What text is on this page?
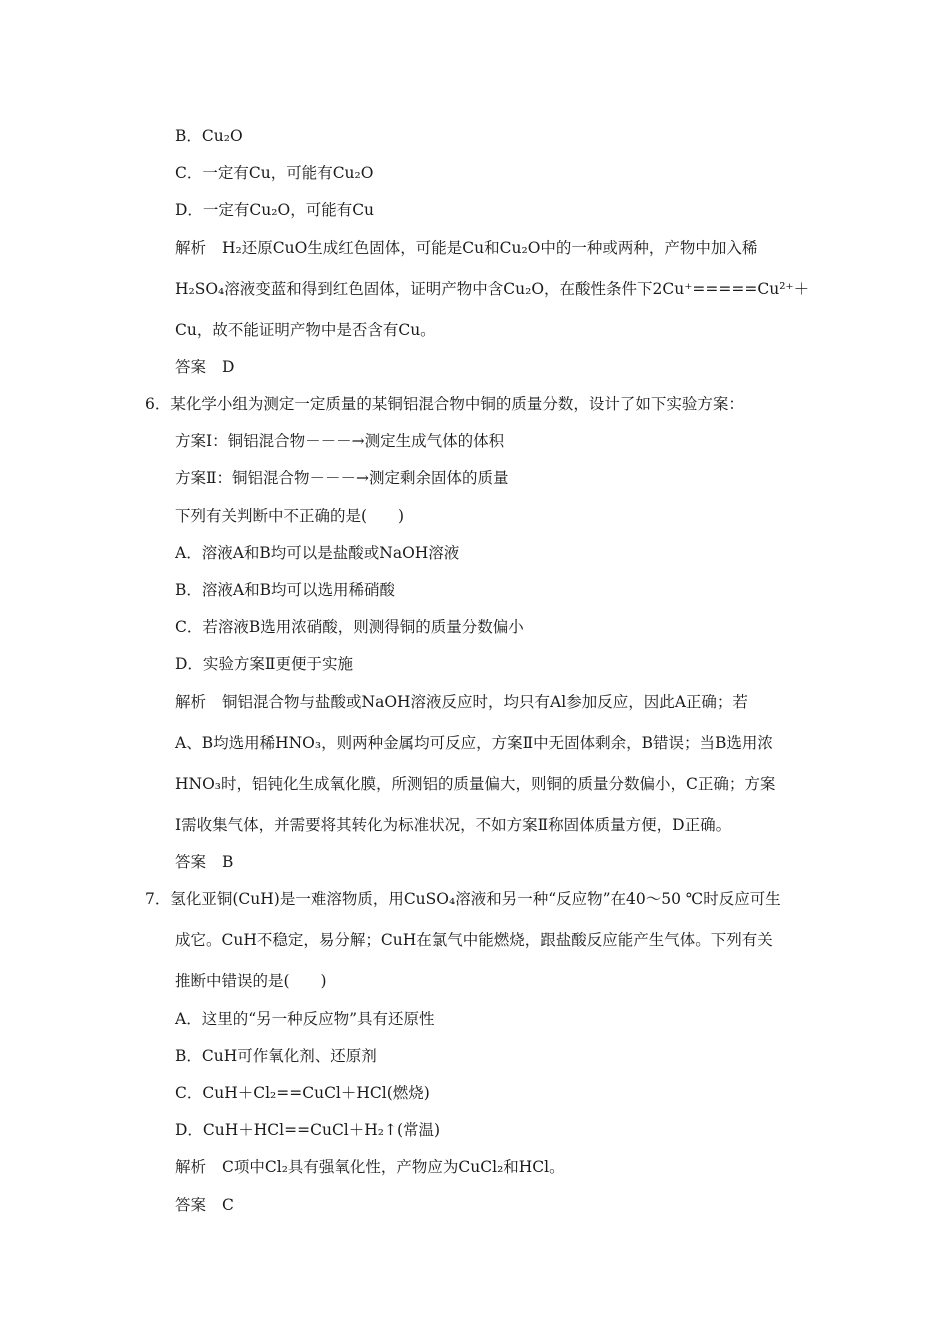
B．Cu₂O
C．一定有Cu，可能有Cu₂O
D．一定有Cu₂O，可能有Cu
解析 H₂还原CuO生成红色固体，可能是Cu和Cu₂O中的一种或两种，产物中加入稀
H₂SO₄溶液变蓝和得到红色固体，证明产物中含Cu₂O，在酸性条件下2Cu⁺=====Cu²⁺＋
Cu，故不能证明产物中是否含有Cu。
答案 D
6．某化学小组为测定一定质量的某铜铝混合物中铜的质量分数，设计了如下实验方案：
方案Ⅰ：铜铝混合物－－－→测定生成气体的体积
方案Ⅱ：铜铝混合物－－－→测定剩余固体的质量
下列有关判断中不正确的是(　　)
A．溶液A和B均可以是盐酸或NaOH溶液
B．溶液A和B均可以选用稀硝酸
C．若溶液B选用浓硝酸，则测得铜的质量分数偏小
D．实验方案Ⅱ更便于实施
解析 铜铝混合物与盐酸或NaOH溶液反应时，均只有Al参加反应，因此A正确；若
A、B均选用稀HNO₃，则两种金属均可反应，方案Ⅱ中无固体剩余，B错误；当B选用浓
HNO₃时，铝钝化生成氧化膜，所测铝的质量偏大，则铜的质量分数偏小，C正确；方案
Ⅰ需收集气体，并需要将其转化为标准状况，不如方案Ⅱ称固体质量方便，D正确。
答案 B
7．氢化亚铜(CuH)是一难溶物质，用CuSO₄溶液和另一种“反应物”在40～50 ℃时反应可生
成它。CuH不稳定，易分解；CuH在氯气中能燃烧，跟盐酸反应能产生气体。下列有关
推断中错误的是(　　)
A．这里的“另一种反应物”具有还原性
B．CuH可作氧化剂、还原剂
C．CuH＋Cl₂==CuCl＋HCl(燃烧)
D．CuH＋HCl==CuCl＋H₂↑(常温)
解析 C项中Cl₂具有强氧化性，产物应为CuCl₂和HCl。
答案 C
